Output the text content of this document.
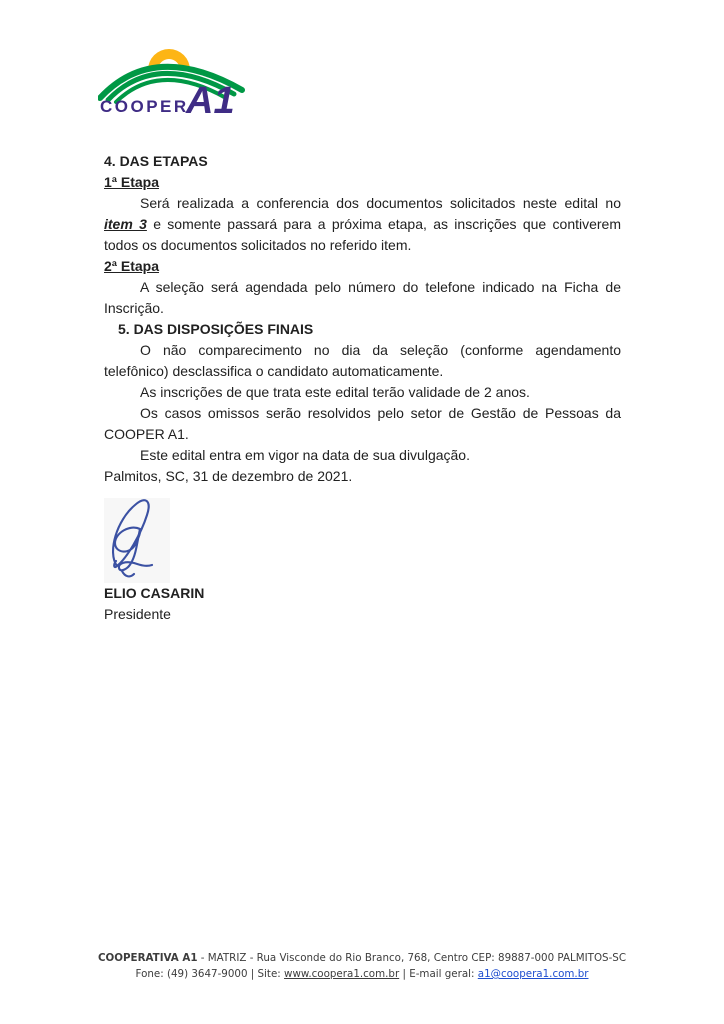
COOPER
A1
4. DAS ETAPAS
1ª Etapa

Será realizada a conferencia dos documentos solicitados neste edital no item 3 e somente passará para a próxima etapa, as inscrições que contiverem todos os documentos solicitados no referido item.

2ª Etapa

A seleção será agendada pelo número do telefone indicado na Ficha de Inscrição.

5. DAS DISPOSIÇÕES FINAIS

O não comparecimento no dia da seleção (conforme agendamento telefônico) desclassifica o candidato automaticamente.

As inscrições de que trata este edital terão validade de 2 anos.

Os casos omissos serão resolvidos pelo setor de Gestão de Pessoas da COOPER A1.

Este edital entra em vigor na data de sua divulgação.

Palmitos, SC, 31 de dezembro de 2021.

ELIO CASARIN

Presidente

COOPERATIVA A1 - MATRIZ - Rua Visconde do Rio Branco, 768, Centro CEP: 89887-000 PALMITOS-SC
Fone: (49) 3647-9000 | Site: www.coopera1.com.br | E-mail geral: a1@coopera1.com.br
